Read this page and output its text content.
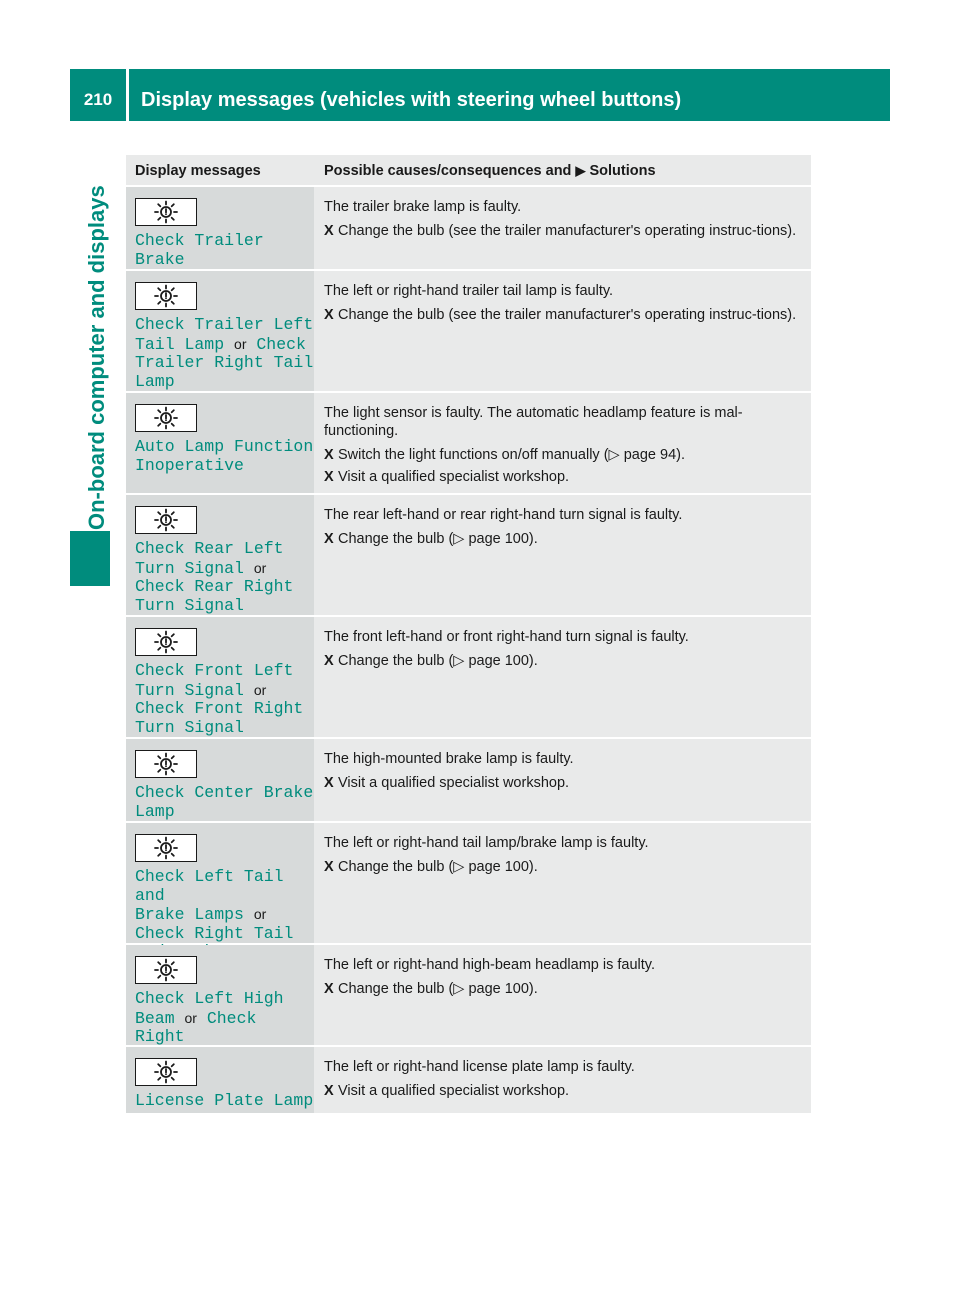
210	Display messages (vehicles with steering wheel buttons)
On-board computer and displays
Display messages	Possible causes/consequences and ▶ Solutions
Check Trailer Brake

The trailer brake lamp is faulty.
X Change the bulb (see the trailer manufacturer's operating instruc-tions).
Check Trailer Left
Tail Lamp or Check
Trailer Right Tail
Lamp
The left or right-hand trailer tail lamp is faulty.
X Change the bulb (see the trailer manufacturer's operating instruc-tions).
Auto Lamp Function
Inoperative
The light sensor is faulty. The automatic headlamp feature is mal-functioning.
X Switch the light functions on/off manually (▷ page 94).
X Visit a qualified specialist workshop.
Check Rear Left
Turn Signal or Check Rear Right
Turn Signal
The rear left-hand or rear right-hand turn signal is faulty.
X Change the bulb (▷ page 100).
Check Front Left
Turn Signal or Check Front Right
Turn Signal
The front left-hand or front right-hand turn signal is faulty.
X Change the bulb (▷ page 100).
Check Center Brake
Lamp
The high-mounted brake lamp is faulty.
X Visit a qualified specialist workshop.
Check Left Tail and
Brake Lamps or Check Right Tail

The left or right-hand tail lamp/brake lamp is faulty.
X Change the bulb (▷ page 100).
Check Left High
Beam or Check Right

The left or right-hand high-beam headlamp is faulty.
X Change the bulb (▷ page 100).
License Plate Lamp
The left or right-hand license plate lamp is faulty.
X Visit a qualified specialist workshop.
